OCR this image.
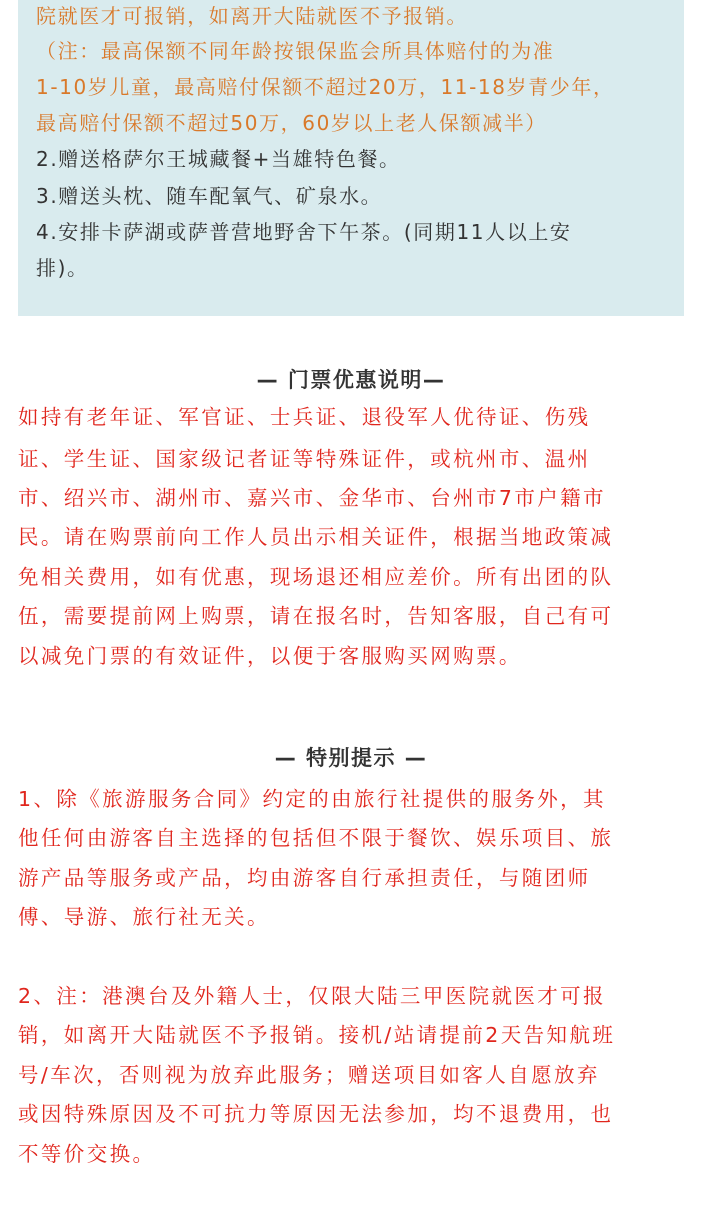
院就医才可报销，如离开大陆就医不予报销。
（注：最高保额不同年龄按银保监会所具体赔付的为准
1-10岁儿童，最高赔付保额不超过20万，11-18岁青少年，
最高赔付保额不超过50万，60岁以上老人保额减半）
2.赠送格萨尔王城藏餐+当雄特色餐。
3.赠送头枕、随车配氧气、矿泉水。
4.安排卡萨湖或萨普营地野舍下午茶。(同期11人以上安
排)。
— 门票优惠说明—
如持有老年证、军官证、士兵证、退役军人优待证、伤残
证、学生证、国家级记者证等特殊证件，或杭州市、温州
市、绍兴市、湖州市、嘉兴市、金华市、台州市7市户籍市
民。请在购票前向工作人员出示相关证件，根据当地政策减
免相关费用，如有优惠，现场退还相应差价。所有出团的队
伍，需要提前网上购票，请在报名时，告知客服，自己有可
以减免门票的有效证件，以便于客服购买网购票。
— 特别提示 —
1、除《旅游服务合同》约定的由旅行社提供的服务外，其
他任何由游客自主选择的包括但不限于餐饮、娱乐项目、旅
游产品等服务或产品，均由游客自行承担责任，与随团师
傅、导游、旅行社无关。
2、注：港澳台及外籍人士，仅限大陆三甲医院就医才可报
销，如离开大陆就医不予报销。接机/站请提前2天告知航班
号/车次，否则视为放弃此服务；赠送项目如客人自愿放弃
或因特殊原因及不可抗力等原因无法参加，均不退费用，也
不等价交换。
